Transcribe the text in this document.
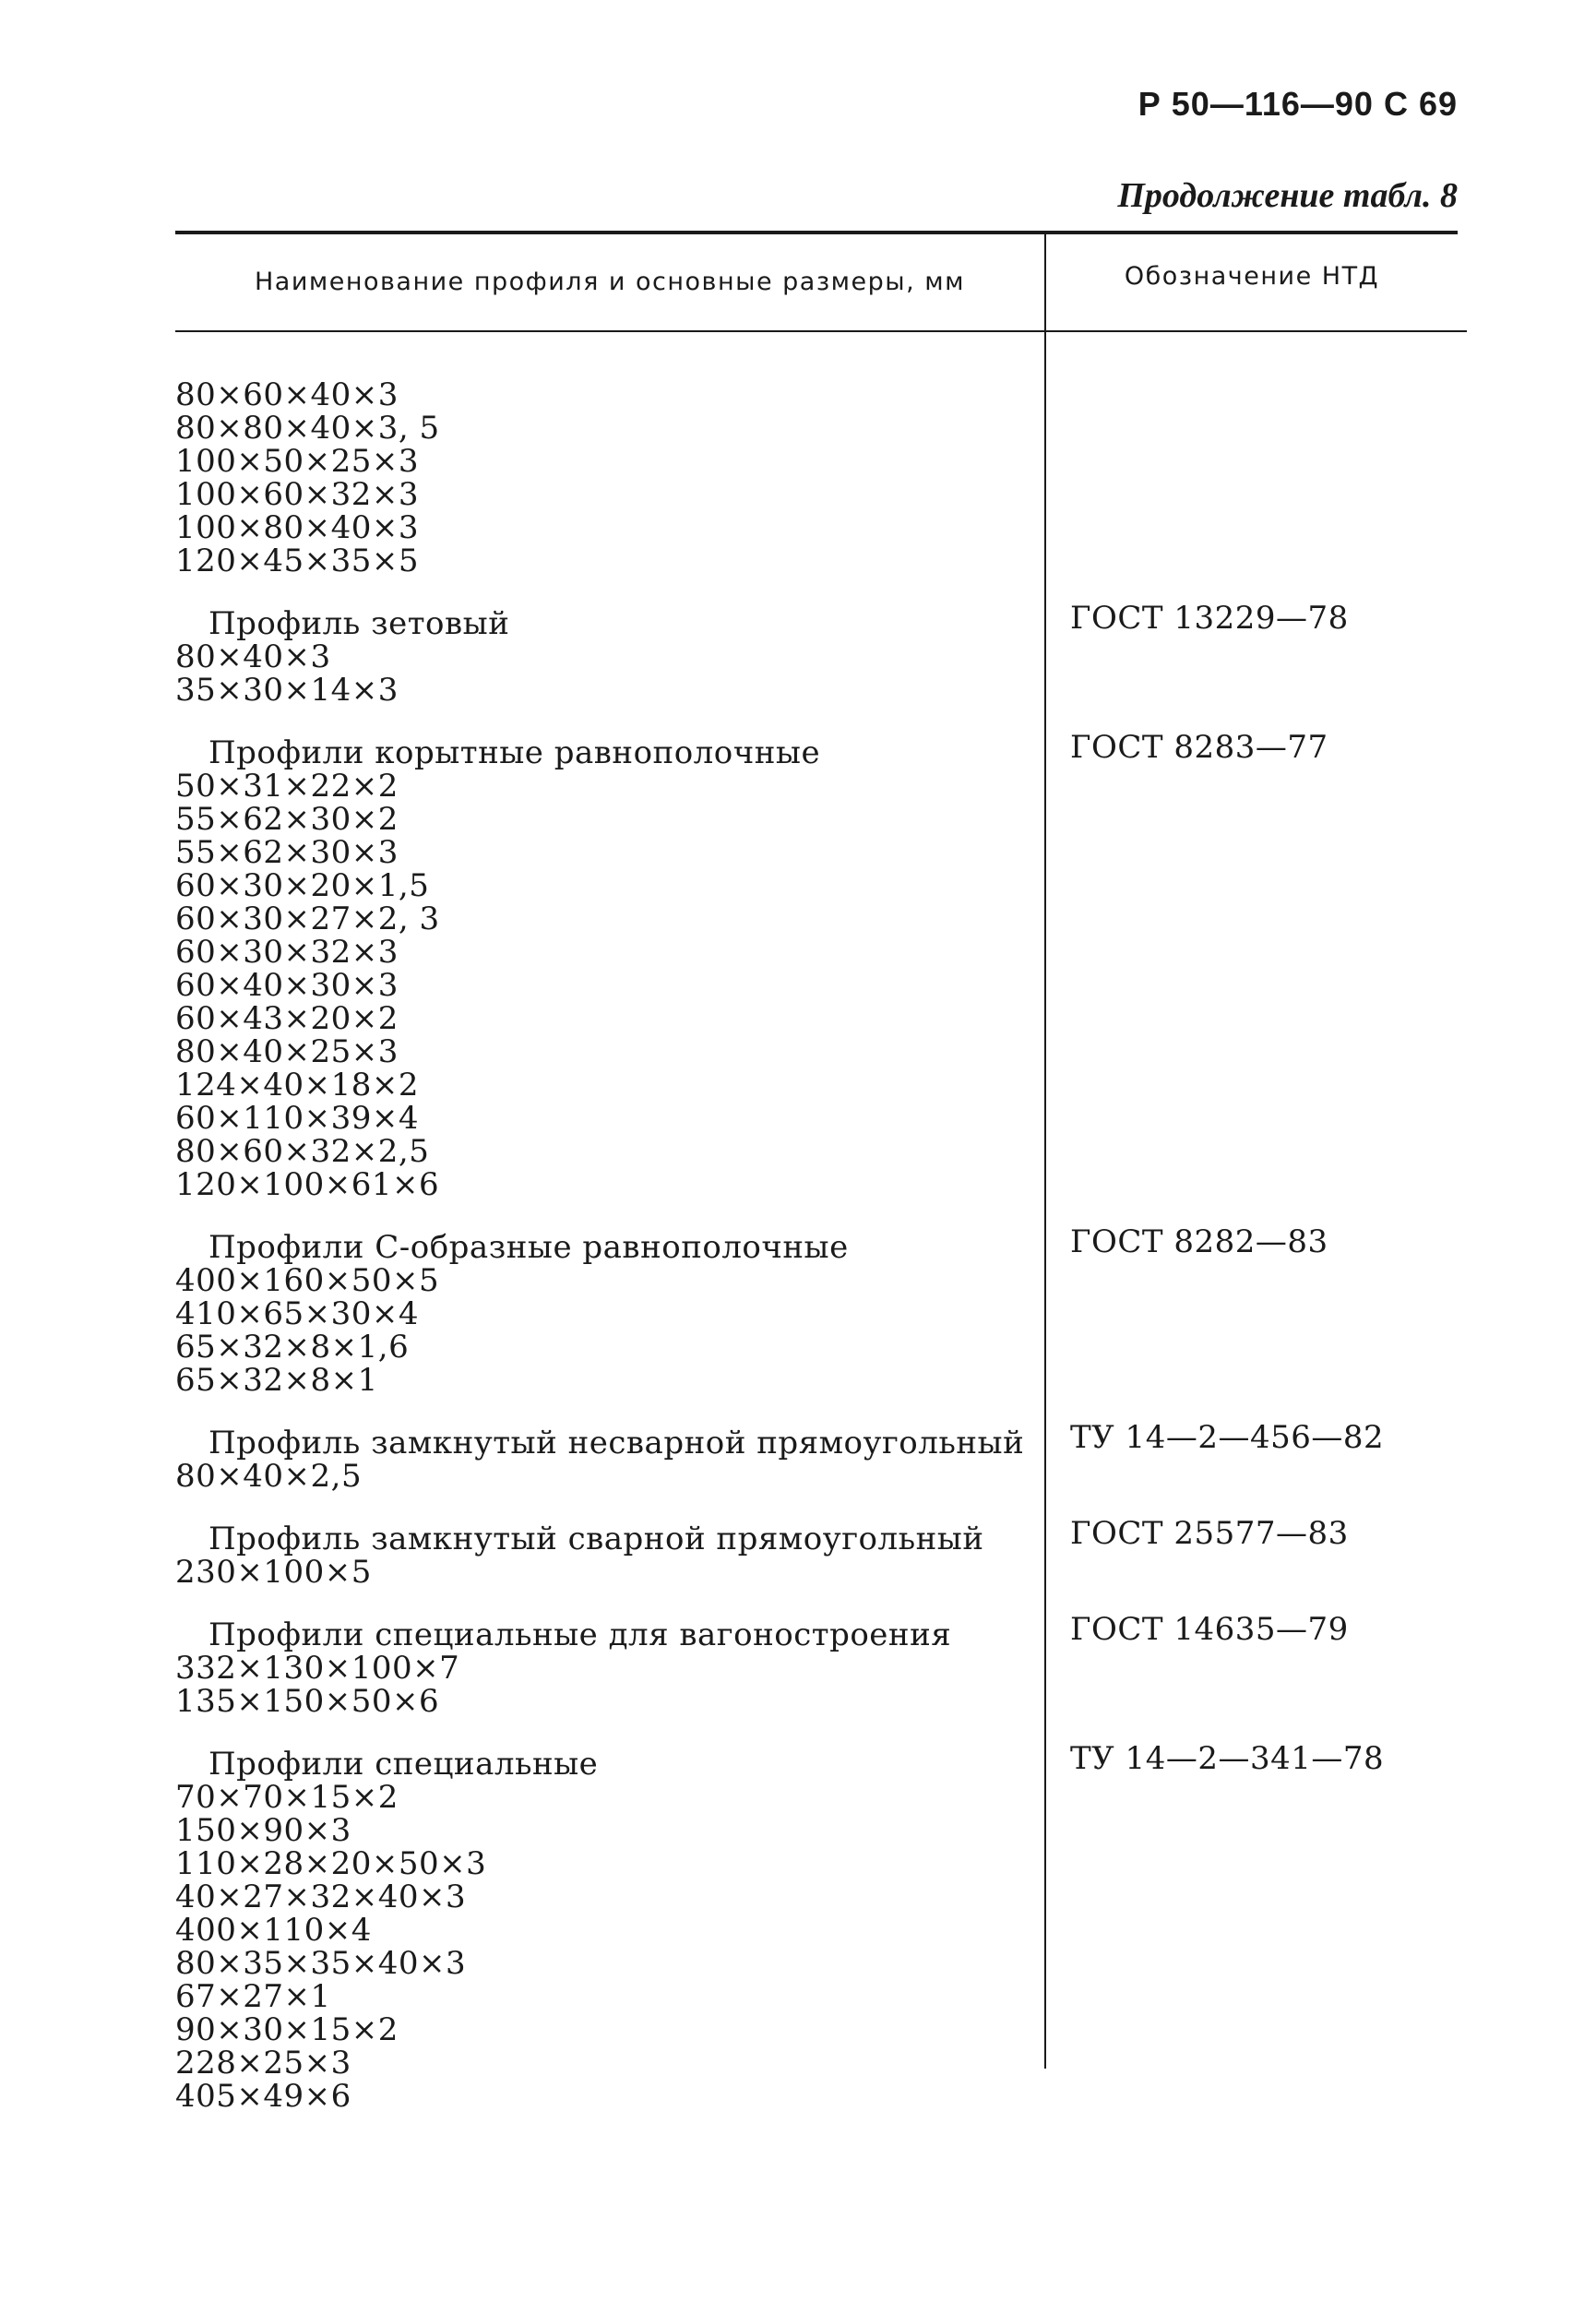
Р 50—116—90 С 69
Продолжение табл. 8
Наименование профиля и основные размеры, мм	Обозначение НТД
80×60×40×3
80×80×40×3, 5
100×50×25×3
100×60×32×3
100×80×40×3
120×45×35×5
Профиль зетовый	ГОСТ 13229—78
80×40×3
35×30×14×3
Профили корытные равнополочные	ГОСТ 8283—77
50×31×22×2
55×62×30×2
55×62×30×3
60×30×20×1,5
60×30×27×2, 3
60×30×32×3
60×40×30×3
60×43×20×2
80×40×25×3
124×40×18×2
60×110×39×4
80×60×32×2,5
120×100×61×6
Профили С-образные равнополочные	ГОСТ 8282—83
400×160×50×5
410×65×30×4
65×32×8×1,6
65×32×8×1
Профиль замкнутый несварной прямоугольный ТУ 14—2—456—82
80×40×2,5
Профиль замкнутый сварной прямоугольный	ГОСТ 25577—83
230×100×5
Профили специальные для вагоностроения	ГОСТ 14635—79
332×130×100×7
135×150×50×6
Профили специальные	ТУ 14—2—341—78
70×70×15×2
150×90×3
110×28×20×50×3
40×27×32×40×3
400×110×4
80×35×35×40×3
67×27×1
90×30×15×2
228×25×3
405×49×6
